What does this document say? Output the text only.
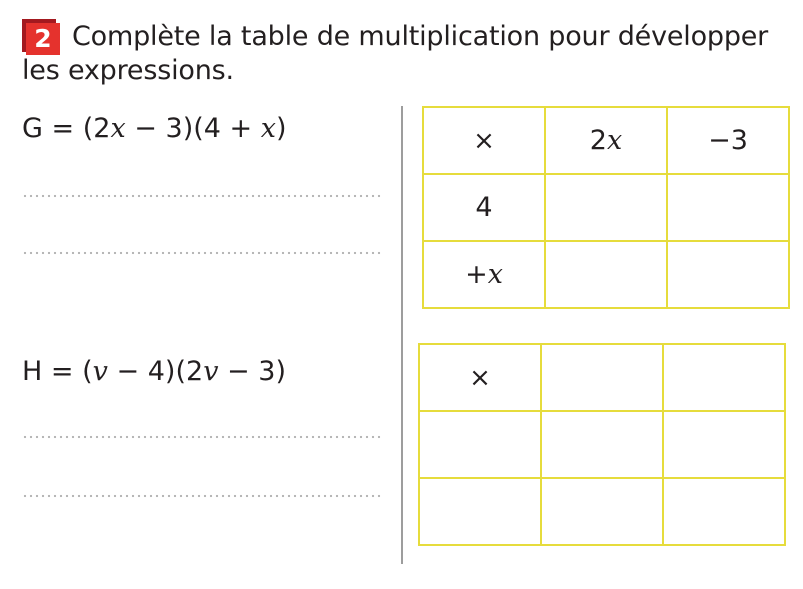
2 Complète la table de multiplication pour développer les expressions.
G = (2x − 3)(4 + x)
H = (v − 4)(2v − 3)
×	2x	−3
4		
+x		
×		
